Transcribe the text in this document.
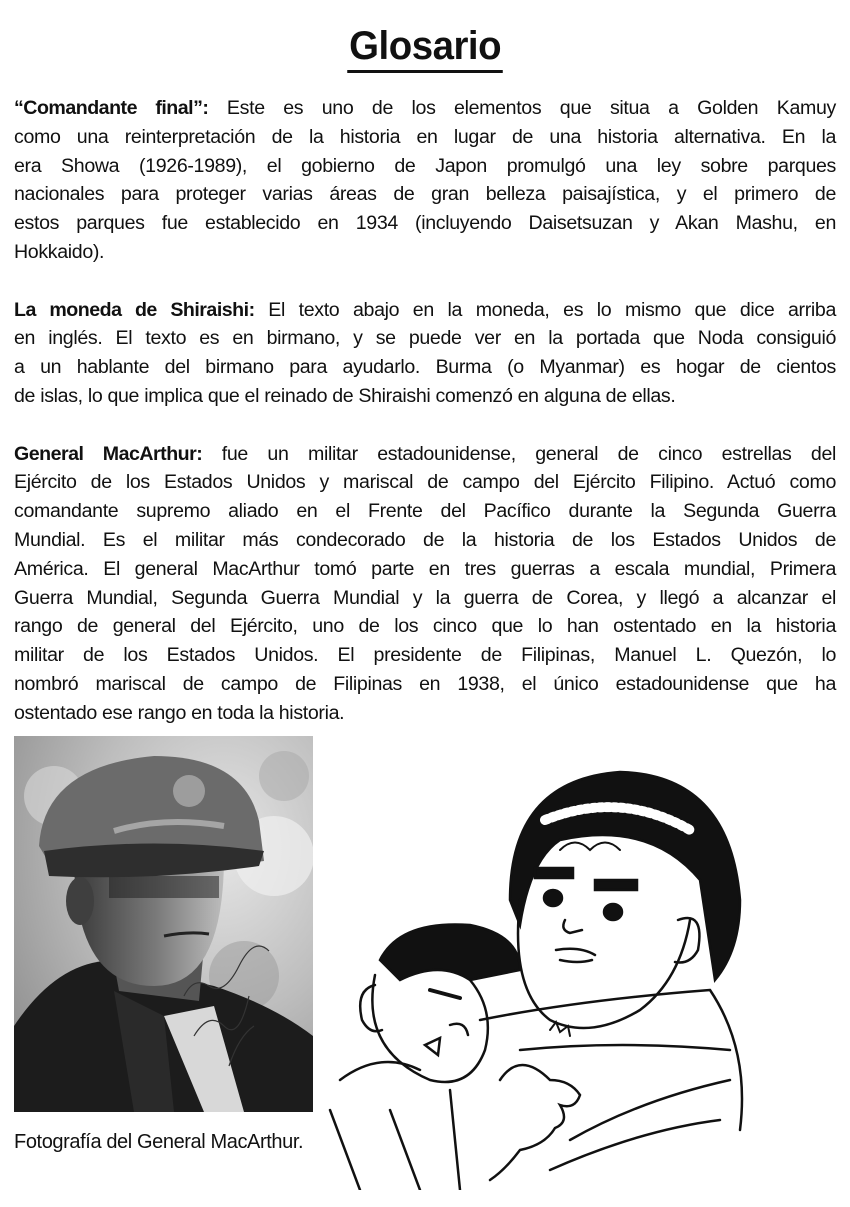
Glosario
“Comandante final”: Este es uno de los elementos que situa a Golden Kamuy
como una reinterpretación de la historia en lugar de una historia alternativa. En la
era Showa (1926-1989), el gobierno de Japon promulgó una ley sobre parques
nacionales para proteger varias áreas de gran belleza paisajística, y el primero de
estos parques fue establecido en 1934 (incluyendo Daisetsuzan y Akan Mashu, en
Hokkaido).
La moneda de Shiraishi: El texto abajo en la moneda, es lo mismo que dice arriba
en inglés. El texto es en birmano, y se puede ver en la portada que Noda consiguió
a un hablante del birmano para ayudarlo. Burma (o Myanmar) es hogar de cientos
de islas, lo que implica que el reinado de Shiraishi comenzó en alguna de ellas.
General MacArthur: fue un militar estadounidense, general de cinco estrellas del
Ejército de los Estados Unidos y mariscal de campo del Ejército Filipino. Actuó como
comandante supremo aliado en el Frente del Pacífico durante la Segunda Guerra
Mundial. Es el militar más condecorado de la historia de los Estados Unidos de
América. El general MacArthur tomó parte en tres guerras a escala mundial, Primera
Guerra Mundial, Segunda Guerra Mundial y la guerra de Corea, y llegó a alcanzar el
rango de general del Ejército, uno de los cinco que lo han ostentado en la historia
militar de los Estados Unidos. El presidente de Filipinas, Manuel L. Quezón, lo
nombró mariscal de campo de Filipinas en 1938, el único estadounidense que ha
ostentado ese rango en toda la historia.
Fotografía del General MacArthur.
